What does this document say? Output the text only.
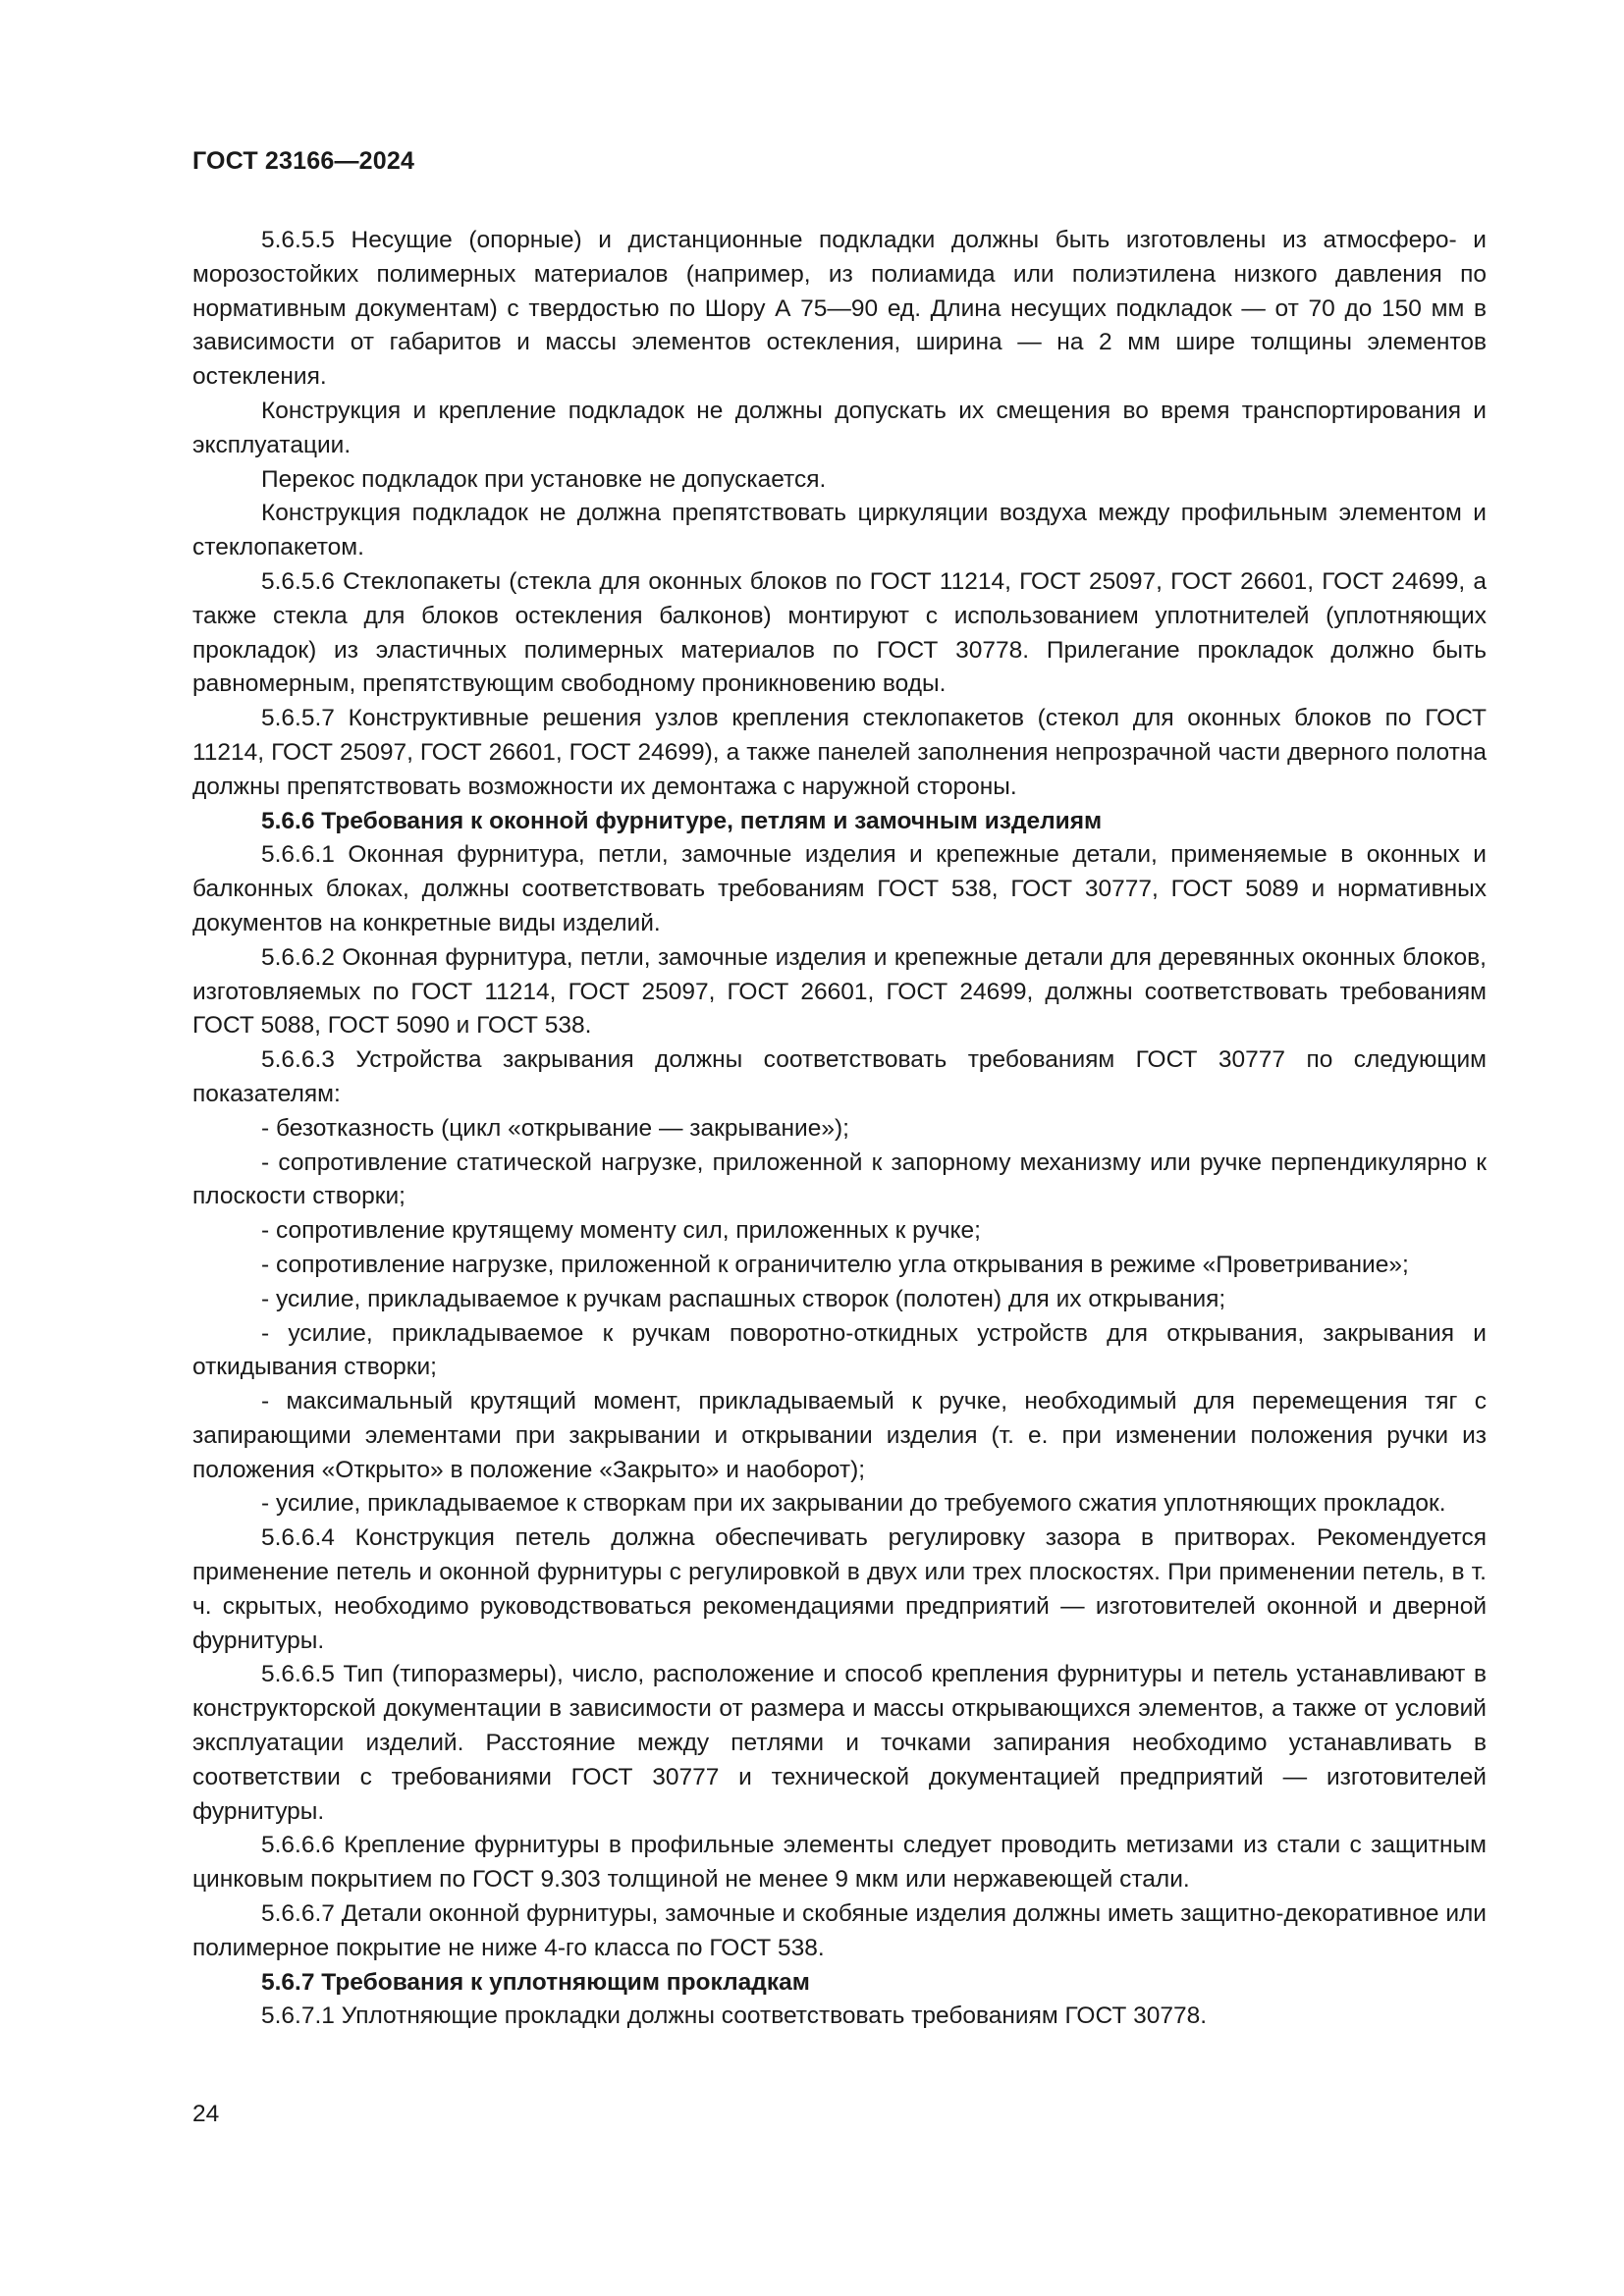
ГОСТ 23166—2024

5.6.5.5 Несущие (опорные) и дистанционные подкладки должны быть изготовлены из атмосферо- и морозостойких полимерных материалов (например, из полиамида или полиэтилена низкого давления по нормативным документам) с твердостью по Шору А 75—90 ед. Длина несущих подкладок — от 70 до 150 мм в зависимости от габаритов и массы элементов остекления, ширина — на 2 мм шире толщины элементов остекления.

Конструкция и крепление подкладок не должны допускать их смещения во время транспортирования и эксплуатации.

Перекос подкладок при установке не допускается.

Конструкция подкладок не должна препятствовать циркуляции воздуха между профильным элементом и стеклопакетом.

5.6.5.6 Стеклопакеты (стекла для оконных блоков по ГОСТ 11214, ГОСТ 25097, ГОСТ 26601, ГОСТ 24699, а также стекла для блоков остекления балконов) монтируют с использованием уплотнителей (уплотняющих прокладок) из эластичных полимерных материалов по ГОСТ 30778. Прилегание прокладок должно быть равномерным, препятствующим свободному проникновению воды.

5.6.5.7 Конструктивные решения узлов крепления стеклопакетов (стекол для оконных блоков по ГОСТ 11214, ГОСТ 25097, ГОСТ 26601, ГОСТ 24699), а также панелей заполнения непрозрачной части дверного полотна должны препятствовать возможности их демонтажа с наружной стороны.

5.6.6 Требования к оконной фурнитуре, петлям и замочным изделиям

5.6.6.1 Оконная фурнитура, петли, замочные изделия и крепежные детали, применяемые в оконных и балконных блоках, должны соответствовать требованиям ГОСТ 538, ГОСТ 30777, ГОСТ 5089 и нормативных документов на конкретные виды изделий.

5.6.6.2 Оконная фурнитура, петли, замочные изделия и крепежные детали для деревянных оконных блоков, изготовляемых по ГОСТ 11214, ГОСТ 25097, ГОСТ 26601, ГОСТ 24699, должны соответствовать требованиям ГОСТ 5088, ГОСТ 5090 и ГОСТ 538.

5.6.6.3 Устройства закрывания должны соответствовать требованиям ГОСТ 30777 по следующим показателям:

- безотказность (цикл «открывание — закрывание»);

- сопротивление статической нагрузке, приложенной к запорному механизму или ручке перпендикулярно к плоскости створки;

- сопротивление крутящему моменту сил, приложенных к ручке;

- сопротивление нагрузке, приложенной к ограничителю угла открывания в режиме «Проветривание»;

- усилие, прикладываемое к ручкам распашных створок (полотен) для их открывания;

- усилие, прикладываемое к ручкам поворотно-откидных устройств для открывания, закрывания и откидывания створки;

- максимальный крутящий момент, прикладываемый к ручке, необходимый для перемещения тяг с запирающими элементами при закрывании и открывании изделия (т. е. при изменении положения ручки из положения «Открыто» в положение «Закрыто» и наоборот);

- усилие, прикладываемое к створкам при их закрывании до требуемого сжатия уплотняющих прокладок.

5.6.6.4 Конструкция петель должна обеспечивать регулировку зазора в притворах. Рекомендуется применение петель и оконной фурнитуры с регулировкой в двух или трех плоскостях. При применении петель, в т. ч. скрытых, необходимо руководствоваться рекомендациями предприятий — изготовителей оконной и дверной фурнитуры.

5.6.6.5 Тип (типоразмеры), число, расположение и способ крепления фурнитуры и петель устанавливают в конструкторской документации в зависимости от размера и массы открывающихся элементов, а также от условий эксплуатации изделий. Расстояние между петлями и точками запирания необходимо устанавливать в соответствии с требованиями ГОСТ 30777 и технической документацией предприятий — изготовителей фурнитуры.

5.6.6.6 Крепление фурнитуры в профильные элементы следует проводить метизами из стали с защитным цинковым покрытием по ГОСТ 9.303 толщиной не менее 9 мкм или нержавеющей стали.

5.6.6.7 Детали оконной фурнитуры, замочные и скобяные изделия должны иметь защитно-декоративное или полимерное покрытие не ниже 4-го класса по ГОСТ 538.

5.6.7 Требования к уплотняющим прокладкам

5.6.7.1 Уплотняющие прокладки должны соответствовать требованиям ГОСТ 30778.

24
